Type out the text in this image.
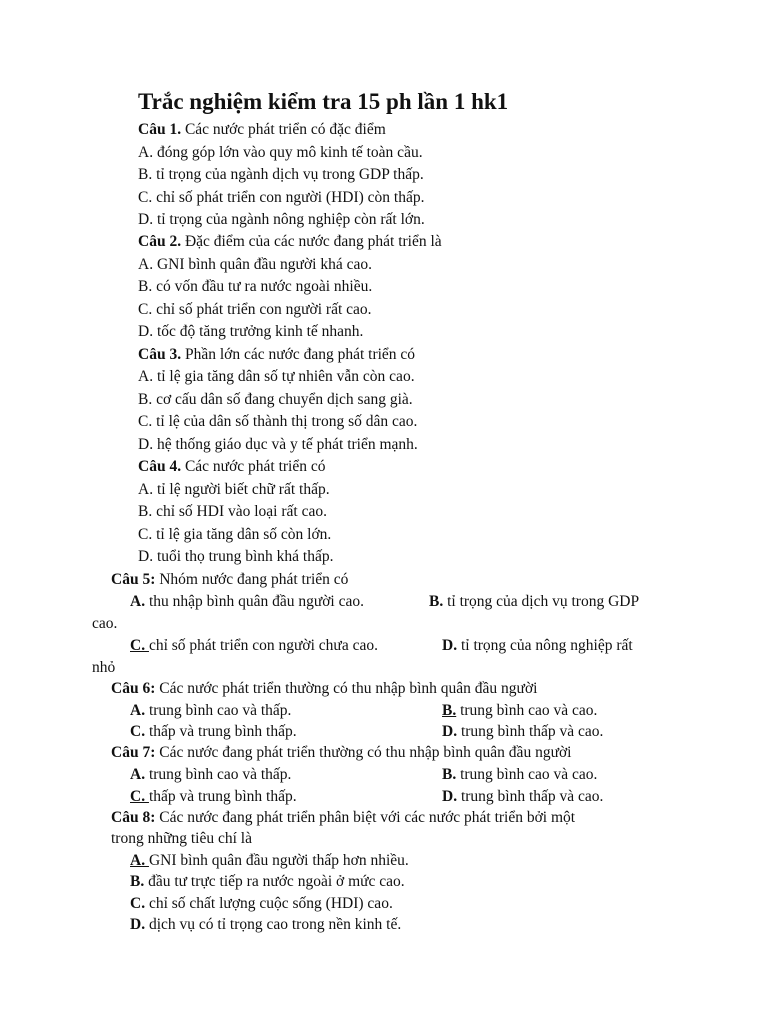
Trắc nghiệm kiểm tra 15 ph lần 1 hk1
Câu 1. Các nước phát triển có đặc điểm
A. đóng góp lớn vào quy mô kinh tế toàn cầu.
B. tỉ trọng của ngành dịch vụ trong GDP thấp.
C. chỉ số phát triển con người (HDI) còn thấp.
D. tỉ trọng của ngành nông nghiệp còn rất lớn.
Câu 2. Đặc điểm của các nước đang phát triển là
A. GNI bình quân đầu người khá cao.
B. có vốn đầu tư ra nước ngoài nhiều.
C. chỉ số phát triển con người rất cao.
D. tốc độ tăng trưởng kinh tế nhanh.
Câu 3. Phần lớn các nước đang phát triển có
A. tỉ lệ gia tăng dân số tự nhiên vẫn còn cao.
B. cơ cấu dân số đang chuyển dịch sang già.
C. tỉ lệ của dân số thành thị trong số dân cao.
D. hệ thống giáo dục và y tế phát triển mạnh.
Câu 4. Các nước phát triển có
A. tỉ lệ người biết chữ rất thấp.
B. chỉ số HDI vào loại rất cao.
C. tỉ lệ gia tăng dân số còn lớn.
D. tuổi thọ trung bình khá thấp.
Câu 5: Nhóm nước đang phát triển có
A. thu nhập bình quân đầu người cao.	B. tỉ trọng của dịch vụ trong GDP
cao.
C. chỉ số phát triển con người chưa cao.	D. tỉ trọng của nông nghiệp rất
nhỏ
Câu 6: Các nước phát triển thường có thu nhập bình quân đầu người
A. trung bình cao và thấp.	B. trung bình cao và cao.
C. thấp và trung bình thấp.	D. trung bình thấp và cao.
Câu 7: Các nước đang phát triển thường có thu nhập bình quân đầu người
A. trung bình cao và thấp.	B. trung bình cao và cao.
C. thấp và trung bình thấp.	D. trung bình thấp và cao.
Câu 8: Các nước đang phát triển phân biệt với các nước phát triển bởi một
trong những tiêu chí là
A. GNI bình quân đầu người thấp hơn nhiều.
B. đầu tư trực tiếp ra nước ngoài ở mức cao.
C. chỉ số chất lượng cuộc sống (HDI) cao.
D. dịch vụ có tỉ trọng cao trong nền kinh tế.
